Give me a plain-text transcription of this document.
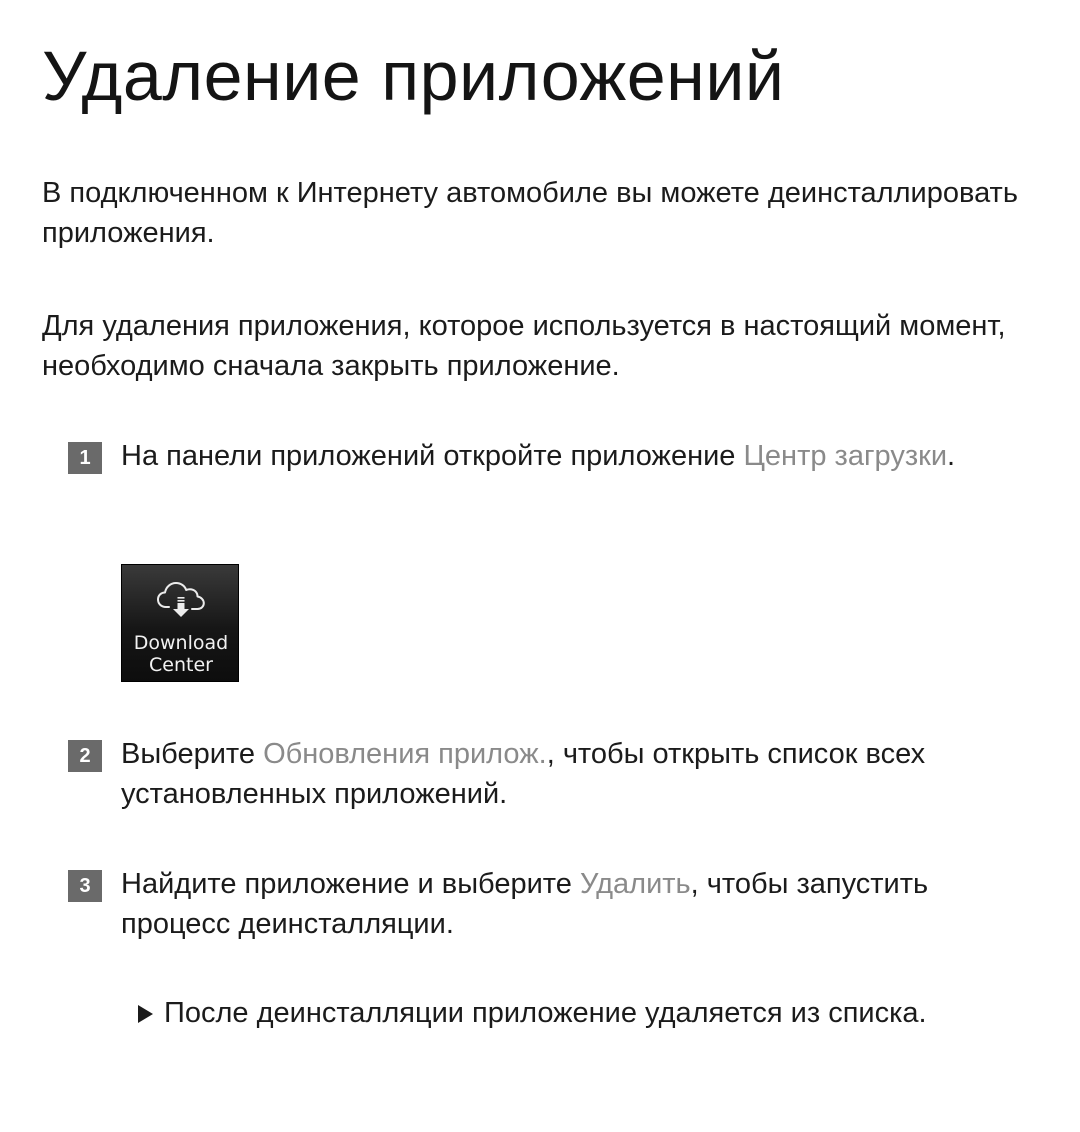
Удаление приложений

В подключенном к Интернету автомобиле вы можете деинсталлировать приложения.

Для удаления приложения, которое используется в настоящий момент, необходимо сначала закрыть приложение.

1	На панели приложений откройте приложение Центр загрузки.

Download
Center
2	Выберите Обновления прилож., чтобы открыть список всех установленных приложений.

3	Найдите приложение и выберите Удалить, чтобы запустить процесс деинсталляции.

После деинсталляции приложение удаляется из списка.
